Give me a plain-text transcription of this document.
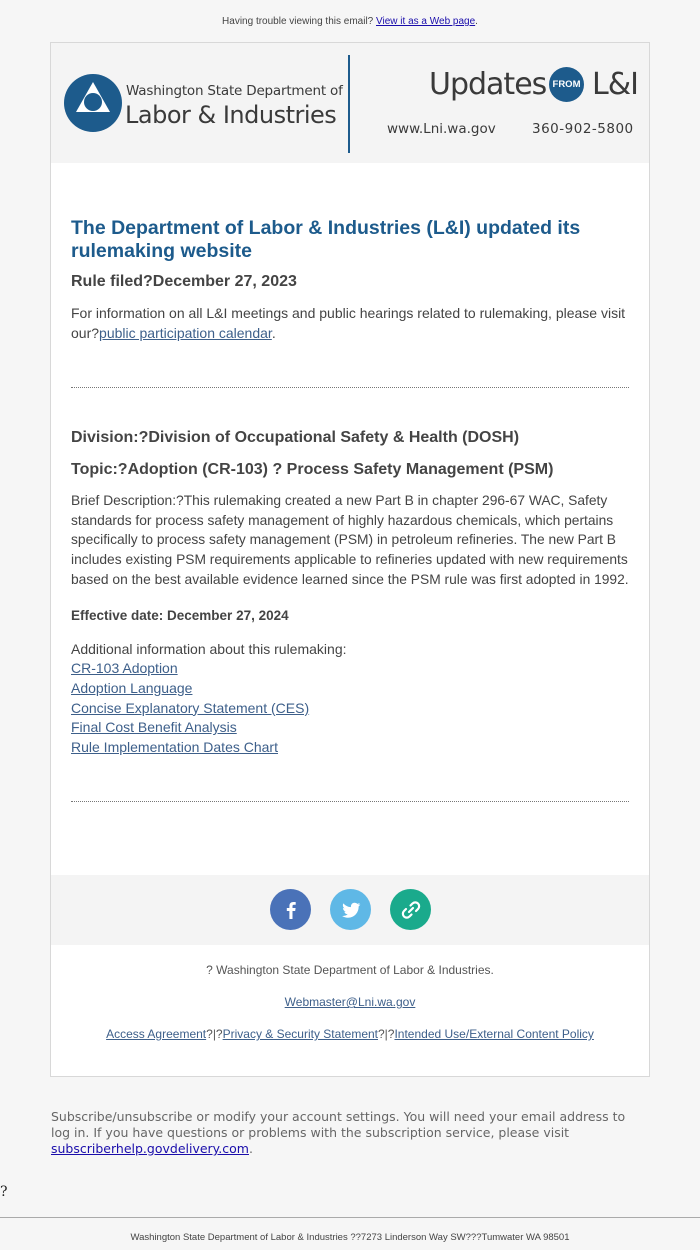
Having trouble viewing this email? View it as a Web page.
Washington State Department of
Labor & Industries
Updates FROM L&I
www.Lni.wa.gov	360-902-5800
The Department of Labor & Industries (L&I) updated its rulemaking website
Rule filed?December 27, 2023

For information on all L&I meetings and public hearings related to rulemaking, please visit our?public participation calendar.

Division:?Division of Occupational Safety & Health (DOSH)
Topic:?Adoption (CR-103) ? Process Safety Management (PSM)

Brief Description:?This rulemaking created a new Part B in chapter 296-67 WAC, Safety standards for process safety management of highly hazardous chemicals, which pertains specifically to process safety management (PSM) in petroleum refineries. The new Part B includes existing PSM requirements applicable to refineries updated with new requirements based on the best available evidence learned since the PSM rule was first adopted in 1992.

Effective date: December 27, 2024

Additional information about this rulemaking:

CR-103 Adoption

Adoption Language

Concise Explanatory Statement (CES)

Final Cost Benefit Analysis

Rule Implementation Dates Chart

? Washington State Department of Labor & Industries.
Webmaster@Lni.wa.gov
Access Agreement?|?Privacy & Security Statement?|?Intended Use/External Content Policy
Subscribe/unsubscribe or modify your account settings. You will need your email address to log in. If you have questions or problems with the subscription service, please visit subscriberhelp.govdelivery.com.
?
Washington State Department of Labor & Industries ??7273 Linderson Way SW???Tumwater WA 98501
